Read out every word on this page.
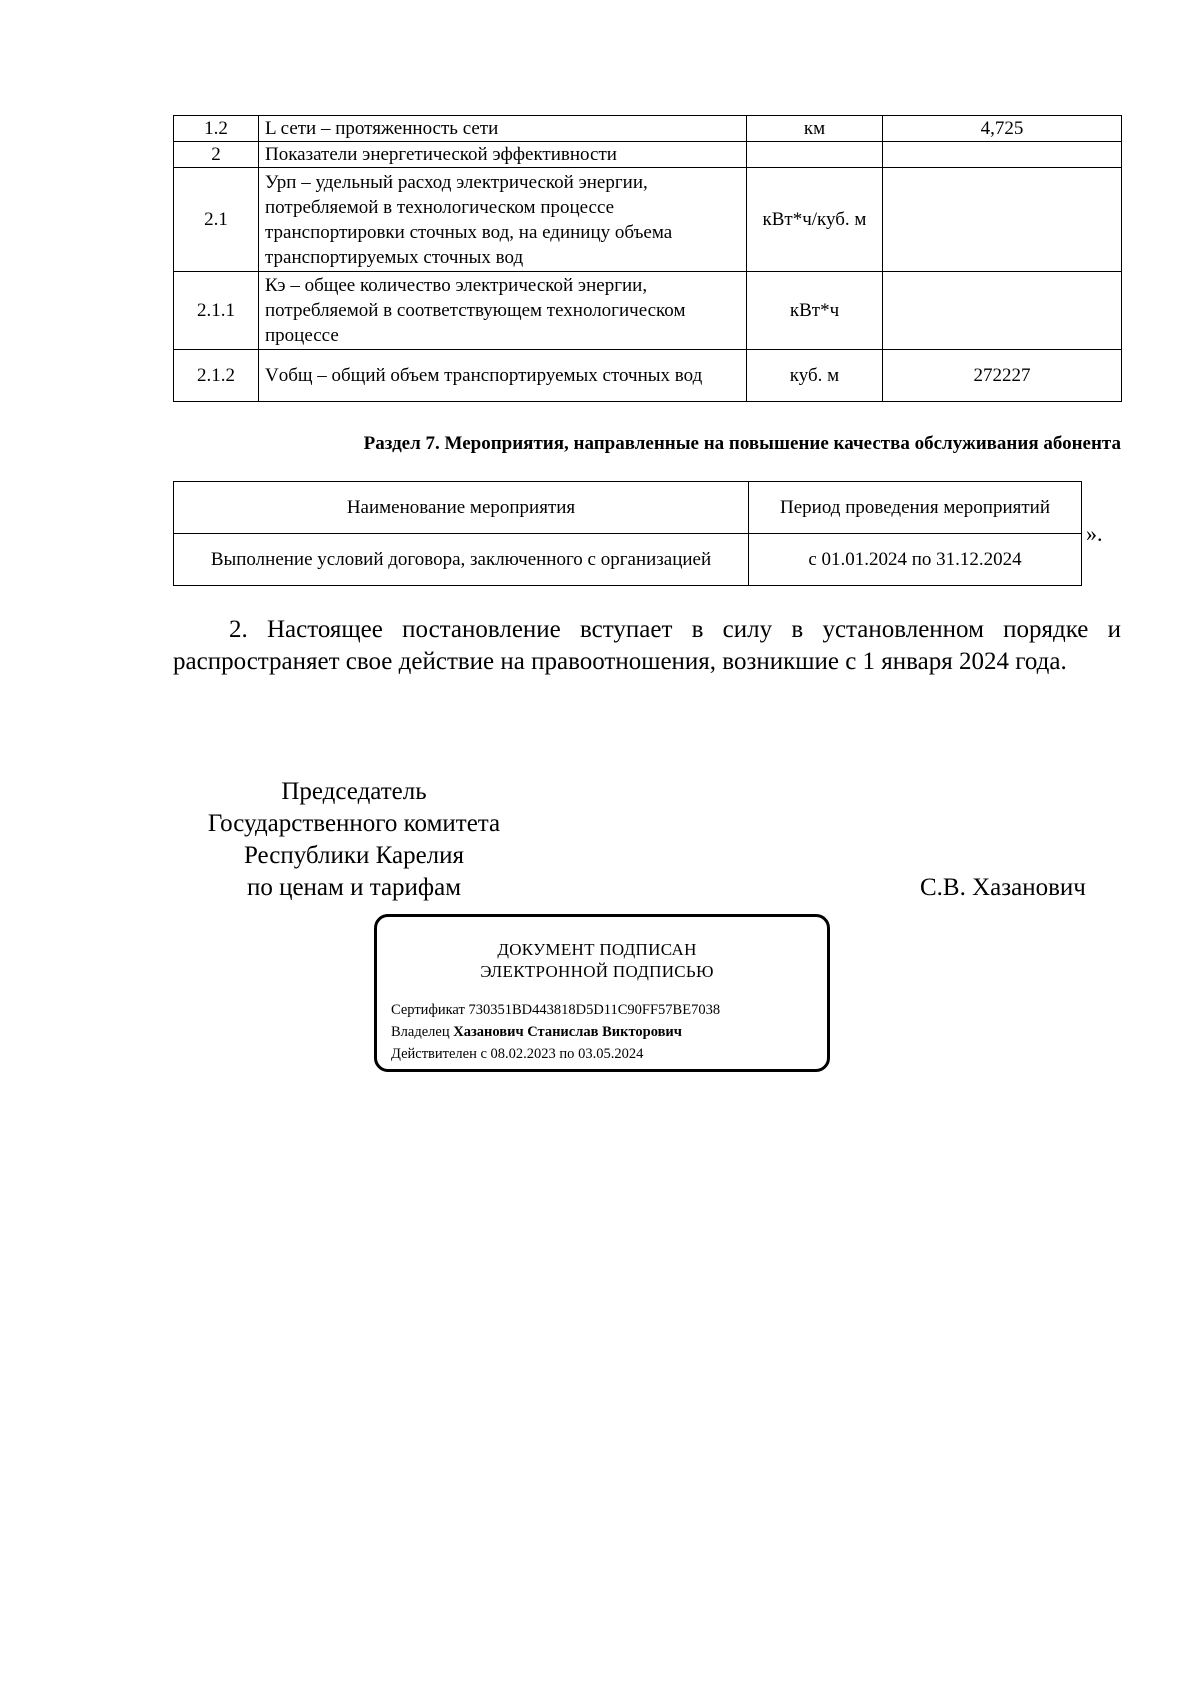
1.2	L сети – протяженность сети	км	4,725
2	Показатели энергетической эффективности		
2.1	Урп – удельный расход электрической энергии, потребляемой в технологическом процессе транспортировки сточных вод, на единицу объема транспортируемых сточных вод	кВт*ч/куб. м	
2.1.1	Кэ – общее количество электрической энергии, потребляемой в соответствующем технологическом процессе	кВт*ч	
2.1.2	Vобщ – общий объем транспортируемых сточных вод	куб. м	272227
Раздел 7. Мероприятия, направленные на повышение качества обслуживания абонента
Наименование мероприятия	Период проведения мероприятий
Выполнение условий договора, заключенного с организацией	с 01.01.2024 по 31.12.2024
».
2. Настоящее постановление вступает в силу в установленном порядке и распространяет свое действие на правоотношения, возникшие с 1 января 2024 года.
Председатель
Государственного комитета
Республики Карелия
по ценам и тарифам	С.В. Хазанович
ДОКУМЕНТ ПОДПИСАН
ЭЛЕКТРОННОЙ ПОДПИСЬЮ
Сертификат 730351BD443818D5D11C90FF57BE7038
Владелец Хазанович Станислав Викторович
Действителен с 08.02.2023 по 03.05.2024
